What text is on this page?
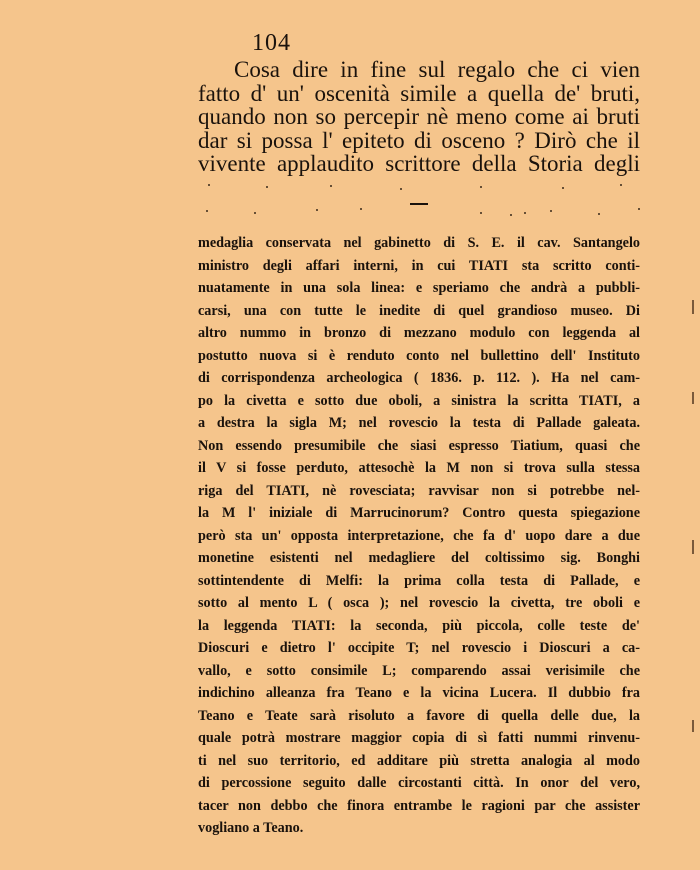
104
Cosa dire in fine sul regalo che ci vien
fatto d' un' oscenità simile a quella de' bruti,
quando non so percepir nè meno come ai bruti
dar si possa l' epiteto di osceno ? Dirò che il
vivente applaudito scrittore della Storia degli
medaglia conservata nel gabinetto di S. E. il cav. Santangelo
ministro degli affari interni, in cui TIATI sta scritto conti-
nuatamente in una sola linea: e speriamo che andrà a pubbli-
carsi, una con tutte le inedite di quel grandioso museo. Di
altro nummo in bronzo di mezzano modulo con leggenda al
postutto nuova si è renduto conto nel bullettino dell' Instituto
di corrispondenza archeologica ( 1836. p. 112. ). Ha nel cam-
po la civetta e sotto due oboli, a sinistra la scritta TIATI, a
a destra la sigla M; nel rovescio la testa di Pallade galeata.
Non essendo presumibile che siasi espresso Tiatium, quasi che
il V si fosse perduto, attesochè la M non si trova sulla stessa
riga del TIATI, nè rovesciata; ravvisar non si potrebbe nel-
la M l' iniziale di Marrucinorum? Contro questa spiegazione
però sta un' opposta interpretazione, che fa d' uopo dare a due
monetine esistenti nel medagliere del coltissimo sig. Bonghi
sottintendente di Melfi: la prima colla testa di Pallade, e
sotto al mento L ( osca ); nel rovescio la civetta, tre oboli e
la leggenda TIATI: la seconda, più piccola, colle teste de'
Dioscuri e dietro l' occipite T; nel rovescio i Dioscuri a ca-
vallo, e sotto consimile L; comparendo assai verisimile che
indichino alleanza fra Teano e la vicina Lucera. Il dubbio fra
Teano e Teate sarà risoluto a favore di quella delle due, la
quale potrà mostrare maggior copia di sì fatti nummi rinvenu-
ti nel suo territorio, ed additare più stretta analogia al modo
di percossione seguito dalle circostanti città. In onor del vero,
tacer non debbo che finora entrambe le ragioni par che assister
vogliano a Teano.
